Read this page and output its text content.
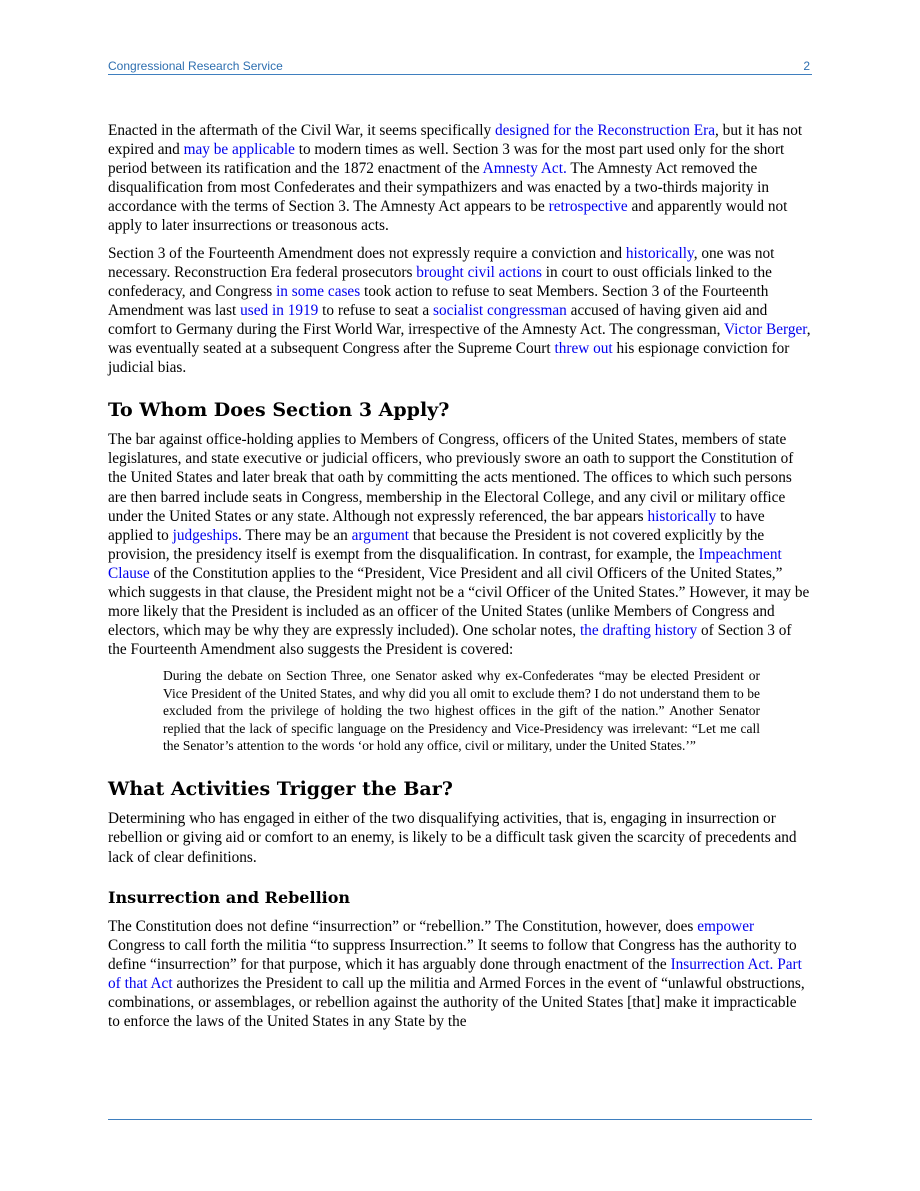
Congressional Research Service	2

Enacted in the aftermath of the Civil War, it seems specifically designed for the Reconstruction Era, but it has not expired and may be applicable to modern times as well. Section 3 was for the most part used only for the short period between its ratification and the 1872 enactment of the Amnesty Act. The Amnesty Act removed the disqualification from most Confederates and their sympathizers and was enacted by a two-thirds majority in accordance with the terms of Section 3. The Amnesty Act appears to be retrospective and apparently would not apply to later insurrections or treasonous acts.

Section 3 of the Fourteenth Amendment does not expressly require a conviction and historically, one was not necessary. Reconstruction Era federal prosecutors brought civil actions in court to oust officials linked to the confederacy, and Congress in some cases took action to refuse to seat Members. Section 3 of the Fourteenth Amendment was last used in 1919 to refuse to seat a socialist congressman accused of having given aid and comfort to Germany during the First World War, irrespective of the Amnesty Act. The congressman, Victor Berger, was eventually seated at a subsequent Congress after the Supreme Court threw out his espionage conviction for judicial bias.

To Whom Does Section 3 Apply?

The bar against office-holding applies to Members of Congress, officers of the United States, members of state legislatures, and state executive or judicial officers, who previously swore an oath to support the Constitution of the United States and later break that oath by committing the acts mentioned. The offices to which such persons are then barred include seats in Congress, membership in the Electoral College, and any civil or military office under the United States or any state. Although not expressly referenced, the bar appears historically to have applied to judgeships. There may be an argument that because the President is not covered explicitly by the provision, the presidency itself is exempt from the disqualification. In contrast, for example, the Impeachment Clause of the Constitution applies to the “President, Vice President and all civil Officers of the United States,” which suggests in that clause, the President might not be a “civil Officer of the United States.” However, it may be more likely that the President is included as an officer of the United States (unlike Members of Congress and electors, which may be why they are expressly included). One scholar notes, the drafting history of Section 3 of the Fourteenth Amendment also suggests the President is covered:

During the debate on Section Three, one Senator asked why ex-Confederates “may be elected President or Vice President of the United States, and why did you all omit to exclude them? I do not understand them to be excluded from the privilege of holding the two highest offices in the gift of the nation.” Another Senator replied that the lack of specific language on the Presidency and Vice-Presidency was irrelevant: “Let me call the Senator’s attention to the words ‘or hold any office, civil or military, under the United States.’”
What Activities Trigger the Bar?

Determining who has engaged in either of the two disqualifying activities, that is, engaging in insurrection or rebellion or giving aid or comfort to an enemy, is likely to be a difficult task given the scarcity of precedents and lack of clear definitions.

Insurrection and Rebellion

The Constitution does not define “insurrection” or “rebellion.” The Constitution, however, does empower Congress to call forth the militia “to suppress Insurrection.” It seems to follow that Congress has the authority to define “insurrection” for that purpose, which it has arguably done through enactment of the Insurrection Act. Part of that Act authorizes the President to call up the militia and Armed Forces in the event of “unlawful obstructions, combinations, or assemblages, or rebellion against the authority of the United States [that] make it impracticable to enforce the laws of the United States in any State by the
